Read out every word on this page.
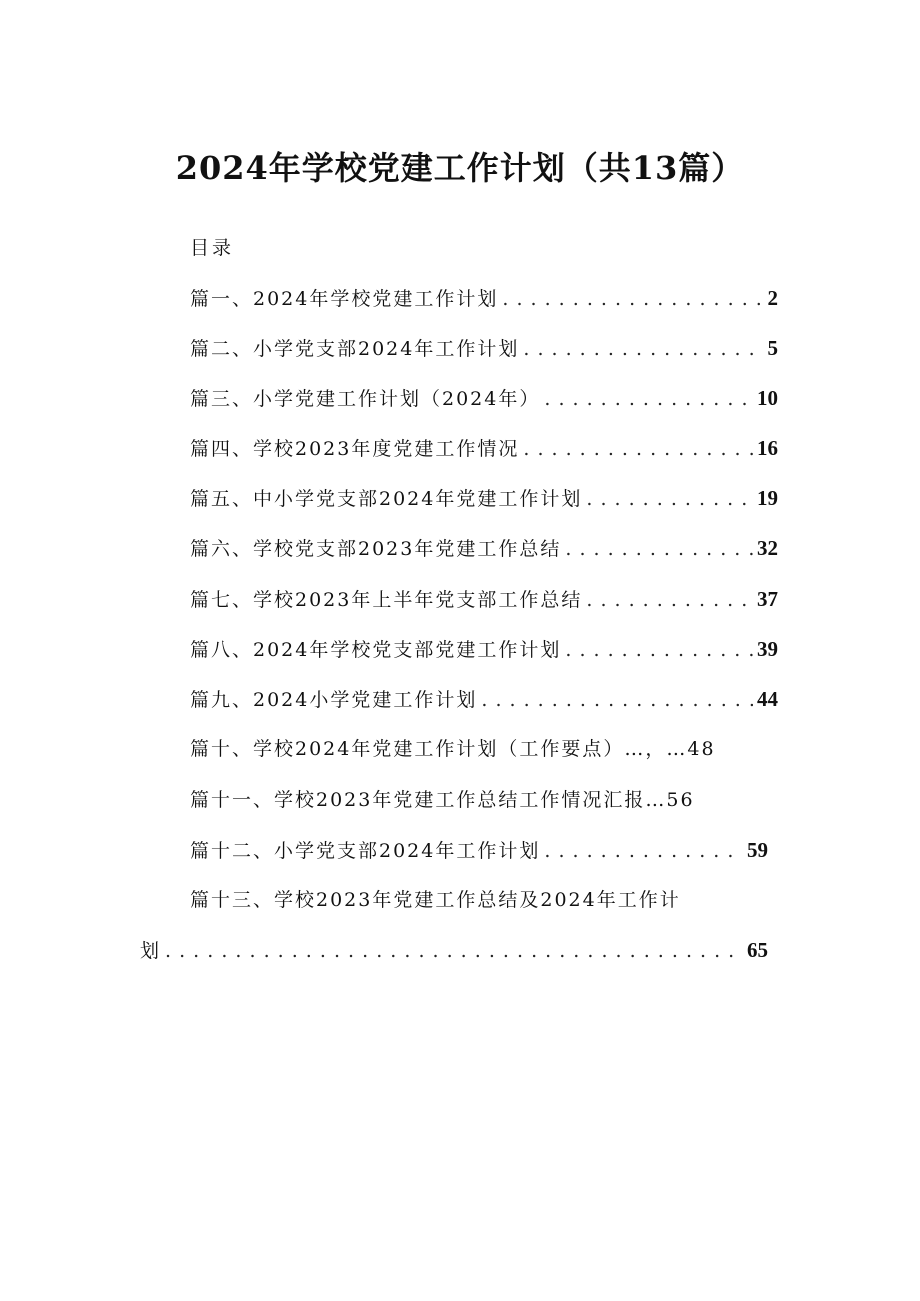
2024年学校党建工作计划（共13篇）
目录
篇一、2024年学校党建工作计划 . . .	2
篇二、小学党支部2024年工作计划 . . .	5
篇三、小学党建工作计划（2024年） . . .	10
篇四、学校2023年度党建工作情况 . . .	16
篇五、中小学党支部2024年党建工作计划 . . .	19
篇六、学校党支部2023年党建工作总结 . . .	32
篇七、学校2023年上半年党支部工作总结 . . .	37
篇八、2024年学校党支部党建工作计划 . . .	39
篇九、2024小学党建工作计划 . . .	44
篇十、学校2024年党建工作计划（工作要点）…，…48
篇十一、学校2023年党建工作总结工作情况汇报…56
篇十二、小学党支部2024年工作计划 . . .	59
篇十三、学校2023年党建工作总结及2024年工作计
划 . . .	65
